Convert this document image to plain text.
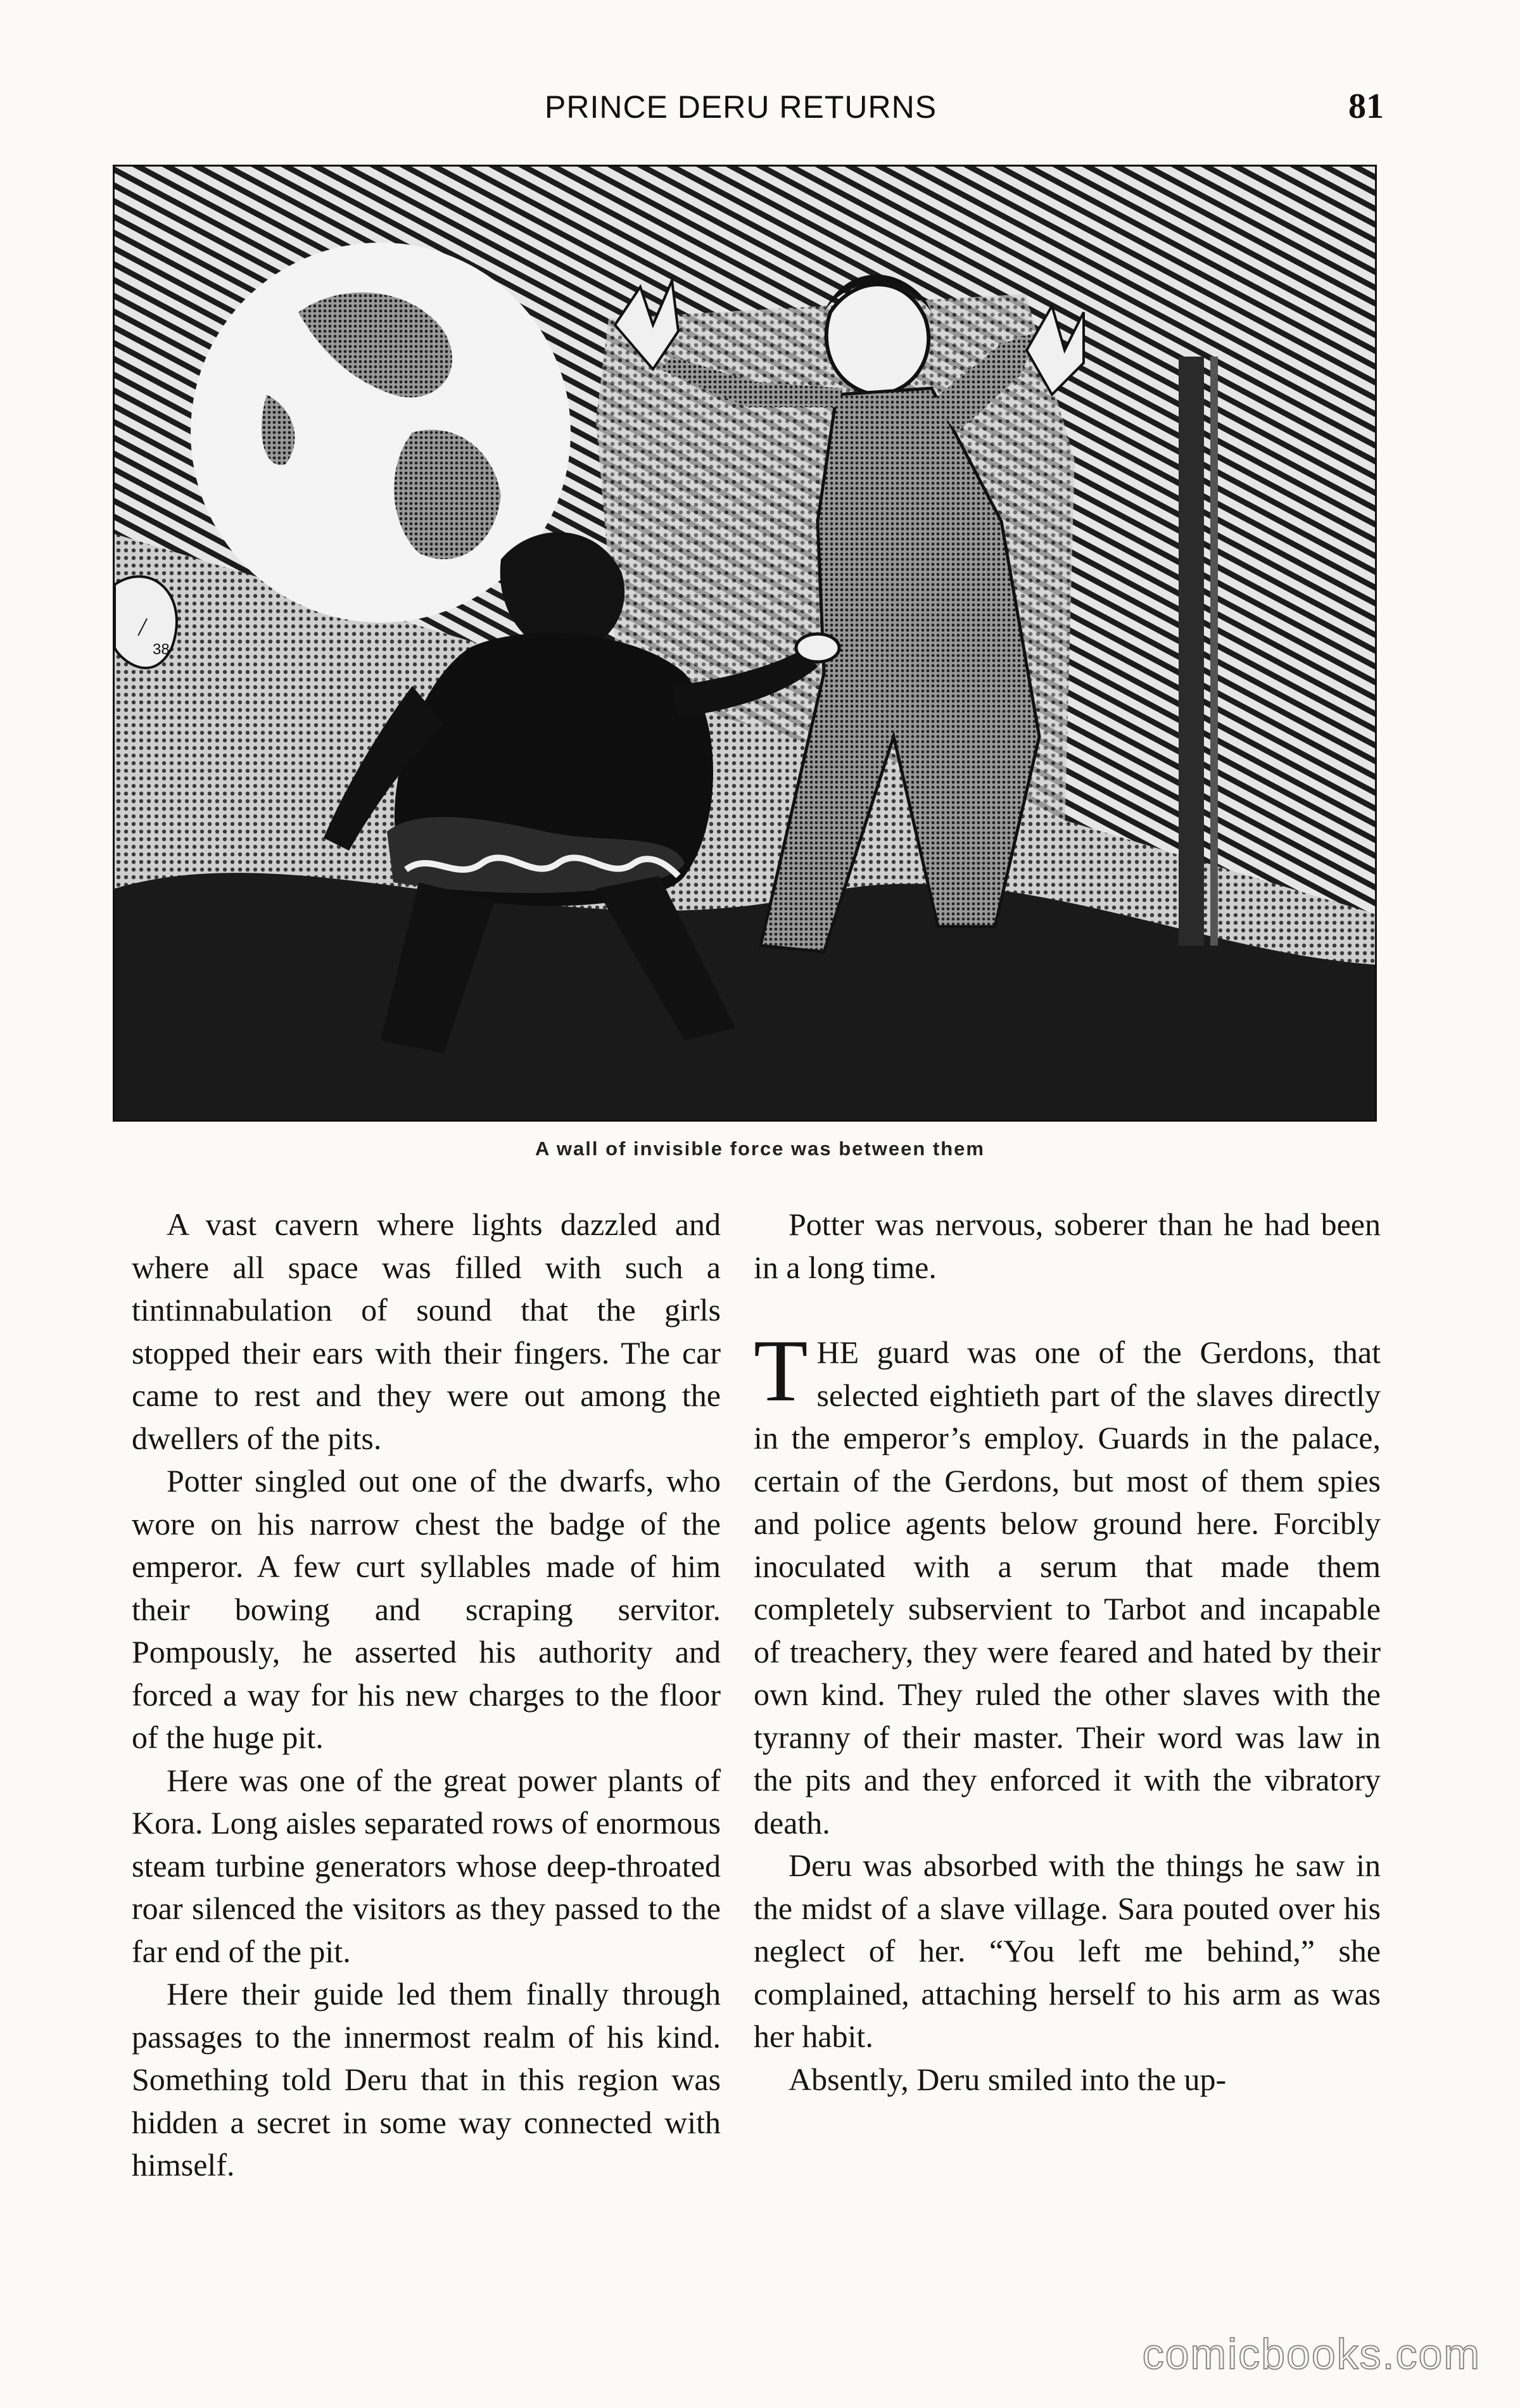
PRINCE DERU RETURNS	81
/
38
A wall of invisible force was between them

A vast cavern where lights dazzled and where all space was filled with such a tintinnabulation of sound that the girls stopped their ears with their fingers. The car came to rest and they were out among the dwellers of the pits.

Potter singled out one of the dwarfs, who wore on his narrow chest the badge of the emperor. A few curt syllables made of him their bowing and scraping servitor. Pompously, he asserted his authority and forced a way for his new charges to the floor of the huge pit.

Here was one of the great power plants of Kora. Long aisles separated rows of enormous steam turbine generators whose deep-throated roar silenced the visitors as they passed to the far end of the pit.

Here their guide led them finally through passages to the innermost realm of his kind. Something told Deru that in this region was hidden a secret in some way connected with himself.

Potter was nervous, soberer than he had been in a long time.

THE guard was one of the Gerdons, that selected eightieth part of the slaves directly in the emperor’s employ. Guards in the palace, certain of the Gerdons, but most of them spies and police agents below ground here. Forcibly inoculated with a serum that made them completely subservient to Tarbot and incapable of treachery, they were feared and hated by their own kind. They ruled the other slaves with the tyranny of their master. Their word was law in the pits and they enforced it with the vibratory death.

Deru was absorbed with the things he saw in the midst of a slave village. Sara pouted over his neglect of her. “You left me behind,” she complained, attaching herself to his arm as was her habit.

Absently, Deru smiled into the up-

comicbooks.com
